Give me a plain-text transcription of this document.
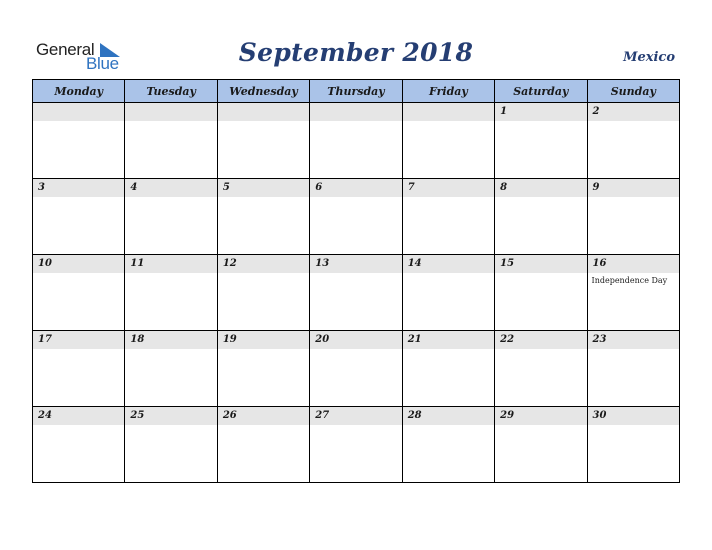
General
Blue	September 2018	Mexico
Monday	Tuesday	Wednesday	Thursday	Friday	Saturday	Sunday

					1	2

3	4	5	6	7	8	9

10	11	12	13	14	15	16
Independence Day

17	18	19	20	21	22	23

24	25	26	27	28	29	30
